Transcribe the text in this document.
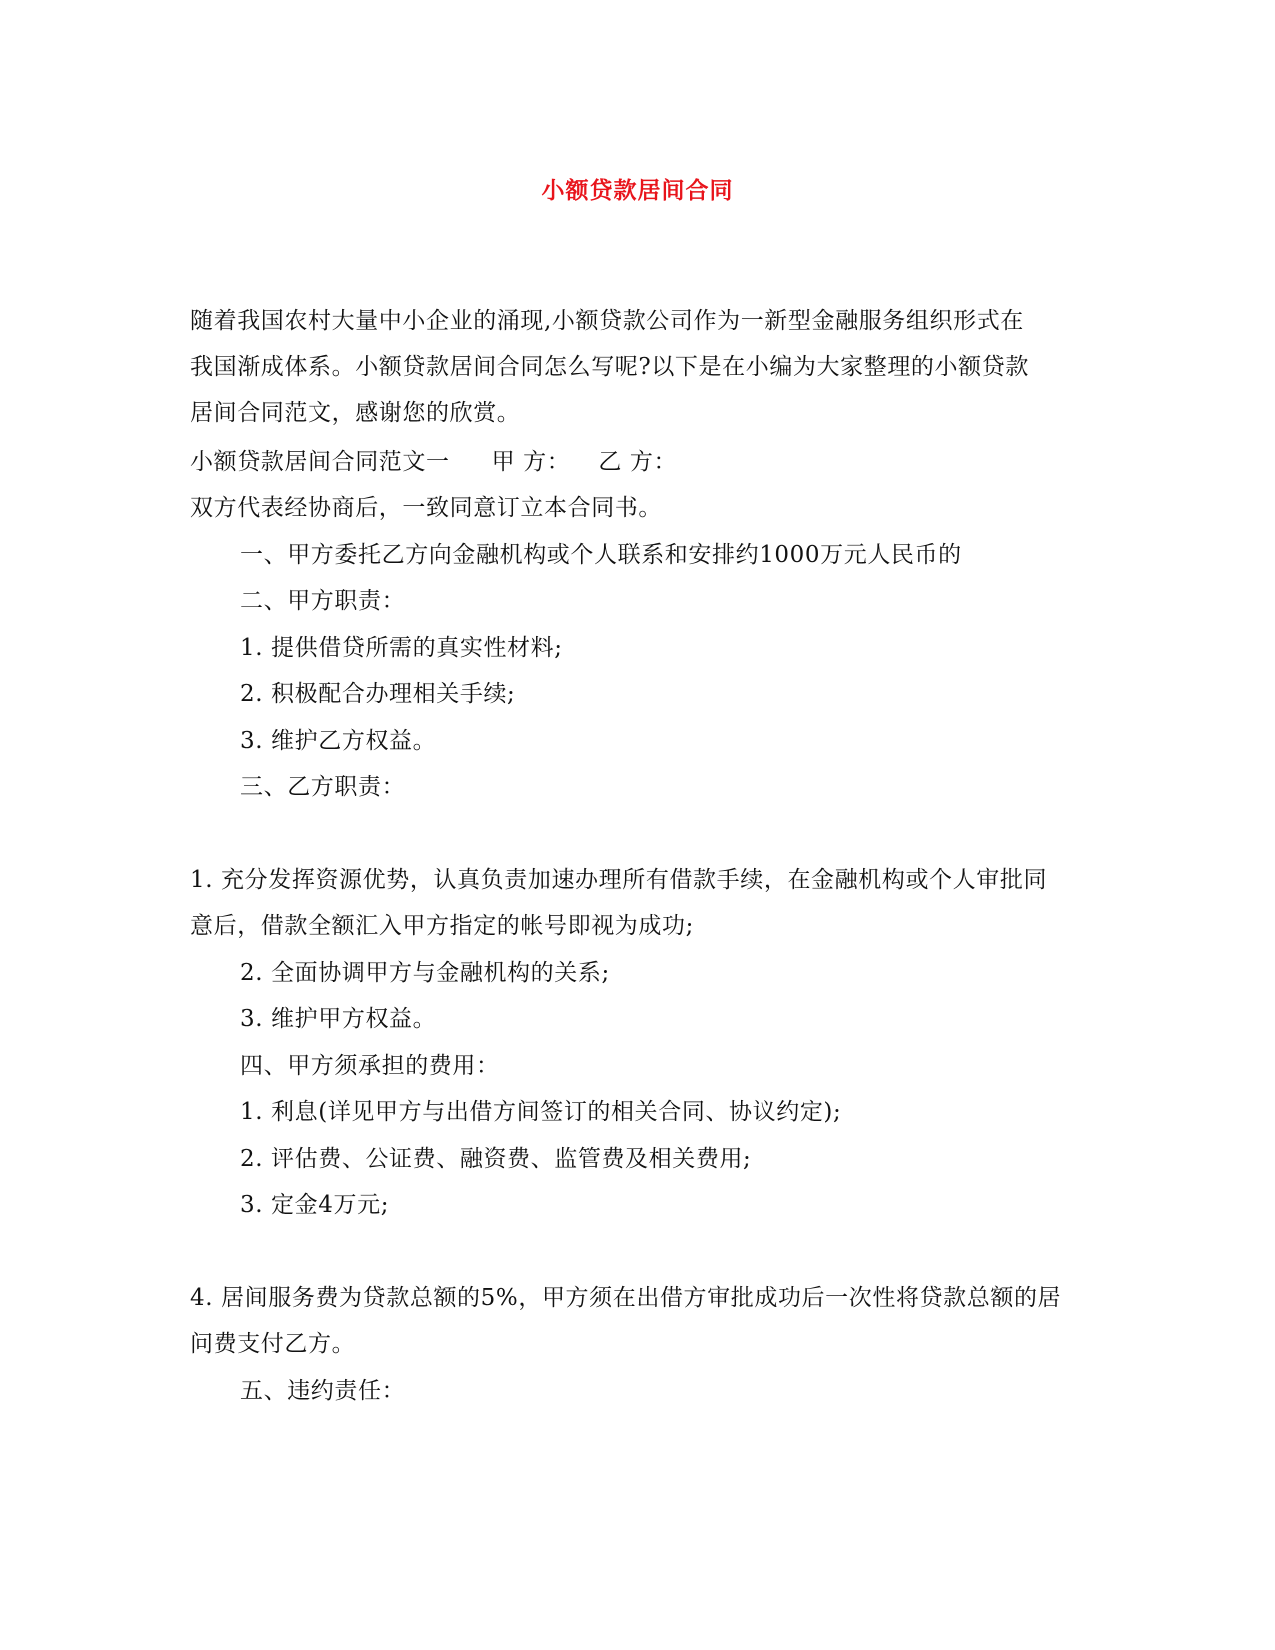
小额贷款居间合同
随着我国农村大量中小企业的涌现,小额贷款公司作为一新型金融服务组织形式在
我国渐成体系。小额贷款居间合同怎么写呢?以下是在小编为大家整理的小额贷款
居间合同范文，感谢您的欣赏。
小额贷款居间合同范文一 甲 方： 乙 方：
双方代表经协商后，一致同意订立本合同书。
一、甲方委托乙方向金融机构或个人联系和安排约1000万元人民币的
二、甲方职责：
1. 提供借贷所需的真实性材料;
2. 积极配合办理相关手续;
3. 维护乙方权益。
三、乙方职责：
1. 充分发挥资源优势，认真负责加速办理所有借款手续，在金融机构或个人审批同
意后，借款全额汇入甲方指定的帐号即视为成功;
2. 全面协调甲方与金融机构的关系;
3. 维护甲方权益。
四、甲方须承担的费用：
1. 利息(详见甲方与出借方间签订的相关合同、协议约定);
2. 评估费、公证费、融资费、监管费及相关费用;
3. 定金4万元;
4. 居间服务费为贷款总额的5%，甲方须在出借方审批成功后一次性将贷款总额的居
问费支付乙方。
五、违约责任：
